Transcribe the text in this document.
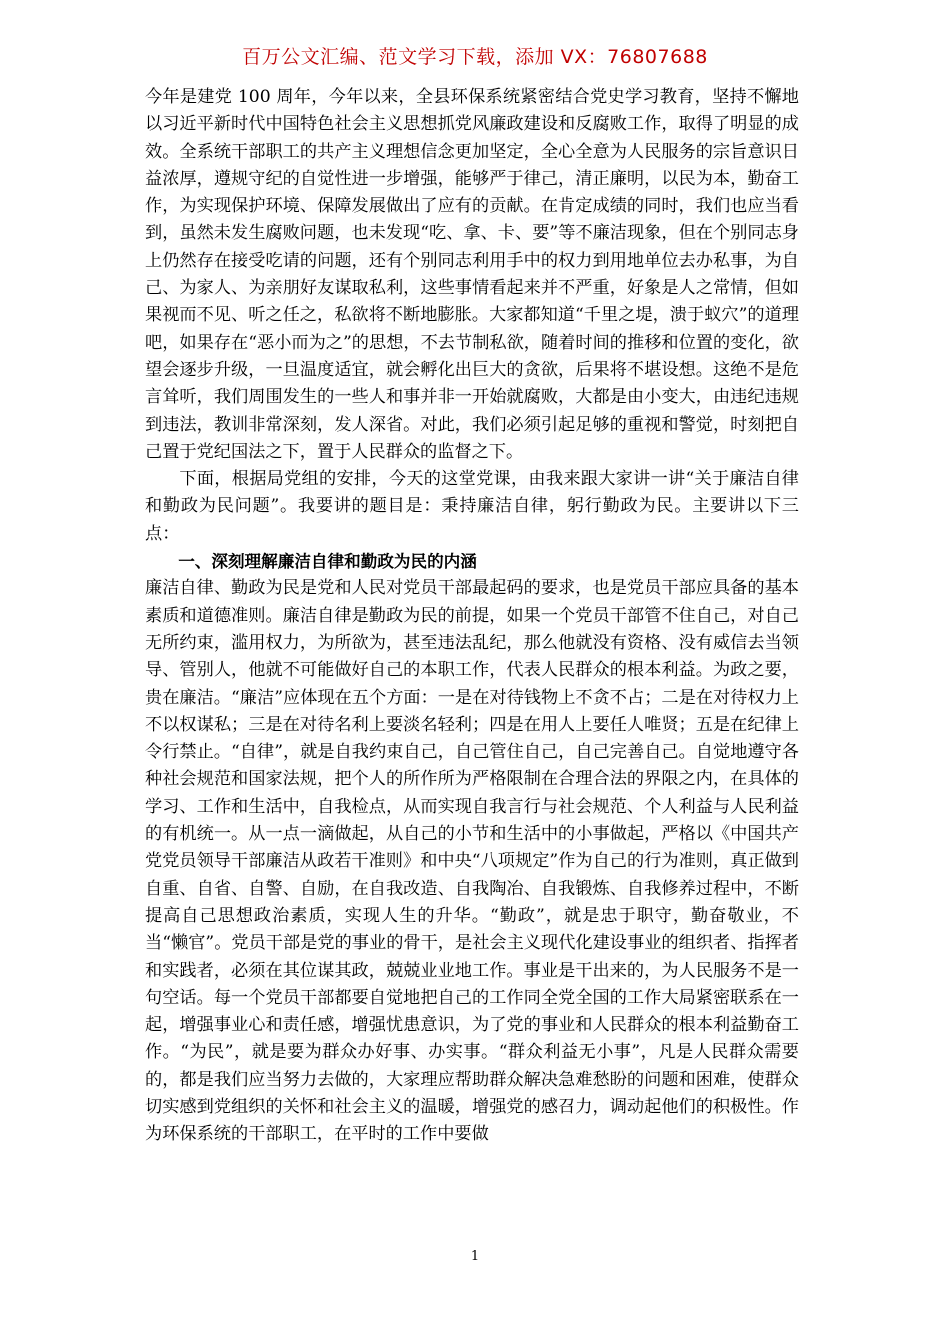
百万公文汇编、范文学习下载，添加 VX：76807688

今年是建党 100 周年，今年以来，全县环保系统紧密结合党史学习教育，坚持不懈地以习近平新时代中国特色社会主义思想抓党风廉政建设和反腐败工作，取得了明显的成效。全系统干部职工的共产主义理想信念更加坚定，全心全意为人民服务的宗旨意识日益浓厚，遵规守纪的自觉性进一步增强，能够严于律己，清正廉明，以民为本，勤奋工作，为实现保护环境、保障发展做出了应有的贡献。在肯定成绩的同时，我们也应当看到，虽然未发生腐败问题，也未发现“吃、拿、卡、要”等不廉洁现象，但在个别同志身上仍然存在接受吃请的问题，还有个别同志利用手中的权力到用地单位去办私事，为自己、为家人、为亲朋好友谋取私利，这些事情看起来并不严重，好象是人之常情，但如果视而不见、听之任之，私欲将不断地膨胀。大家都知道“千里之堤，溃于蚁穴”的道理吧，如果存在“恶小而为之”的思想，不去节制私欲，随着时间的推移和位置的变化，欲望会逐步升级，一旦温度适宜，就会孵化出巨大的贪欲，后果将不堪设想。这绝不是危言耸听，我们周围发生的一些人和事并非一开始就腐败，大都是由小变大，由违纪违规到违法，教训非常深刻，发人深省。对此，我们必须引起足够的重视和警觉，时刻把自己置于党纪国法之下，置于人民群众的监督之下。

下面，根据局党组的安排，今天的这堂党课，由我来跟大家讲一讲“关于廉洁自律和勤政为民问题”。我要讲的题目是：秉持廉洁自律，躬行勤政为民。主要讲以下三点：

一、深刻理解廉洁自律和勤政为民的内涵

廉洁自律、勤政为民是党和人民对党员干部最起码的要求，也是党员干部应具备的基本素质和道德准则。廉洁自律是勤政为民的前提，如果一个党员干部管不住自己，对自己无所约束，滥用权力，为所欲为，甚至违法乱纪，那么他就没有资格、没有威信去当领导、管别人，他就不可能做好自己的本职工作，代表人民群众的根本利益。为政之要，贵在廉洁。“廉洁”应体现在五个方面：一是在对待钱物上不贪不占；二是在对待权力上不以权谋私；三是在对待名利上要淡名轻利；四是在用人上要任人唯贤；五是在纪律上令行禁止。“自律”，就是自我约束自己，自己管住自己，自己完善自己。自觉地遵守各种社会规范和国家法规，把个人的所作所为严格限制在合理合法的界限之内，在具体的学习、工作和生活中，自我检点，从而实现自我言行与社会规范、个人利益与人民利益的有机统一。从一点一滴做起，从自己的小节和生活中的小事做起，严格以《中国共产党党员领导干部廉洁从政若干准则》和中央“八项规定”作为自己的行为准则，真正做到自重、自省、自警、自励，在自我改造、自我陶冶、自我锻炼、自我修养过程中，不断提高自己思想政治素质，实现人生的升华。“勤政”，就是忠于职守，勤奋敬业，不当“懒官”。党员干部是党的事业的骨干，是社会主义现代化建设事业的组织者、指挥者和实践者，必须在其位谋其政，兢兢业业地工作。事业是干出来的，为人民服务不是一句空话。每一个党员干部都要自觉地把自己的工作同全党全国的工作大局紧密联系在一起，增强事业心和责任感，增强忧患意识，为了党的事业和人民群众的根本利益勤奋工作。“为民”，就是要为群众办好事、办实事。“群众利益无小事”，凡是人民群众需要的，都是我们应当努力去做的，大家理应帮助群众解决急难愁盼的问题和困难，使群众切实感到党组织的关怀和社会主义的温暖，增强党的感召力，调动起他们的积极性。作为环保系统的干部职工，在平时的工作中要做

1
